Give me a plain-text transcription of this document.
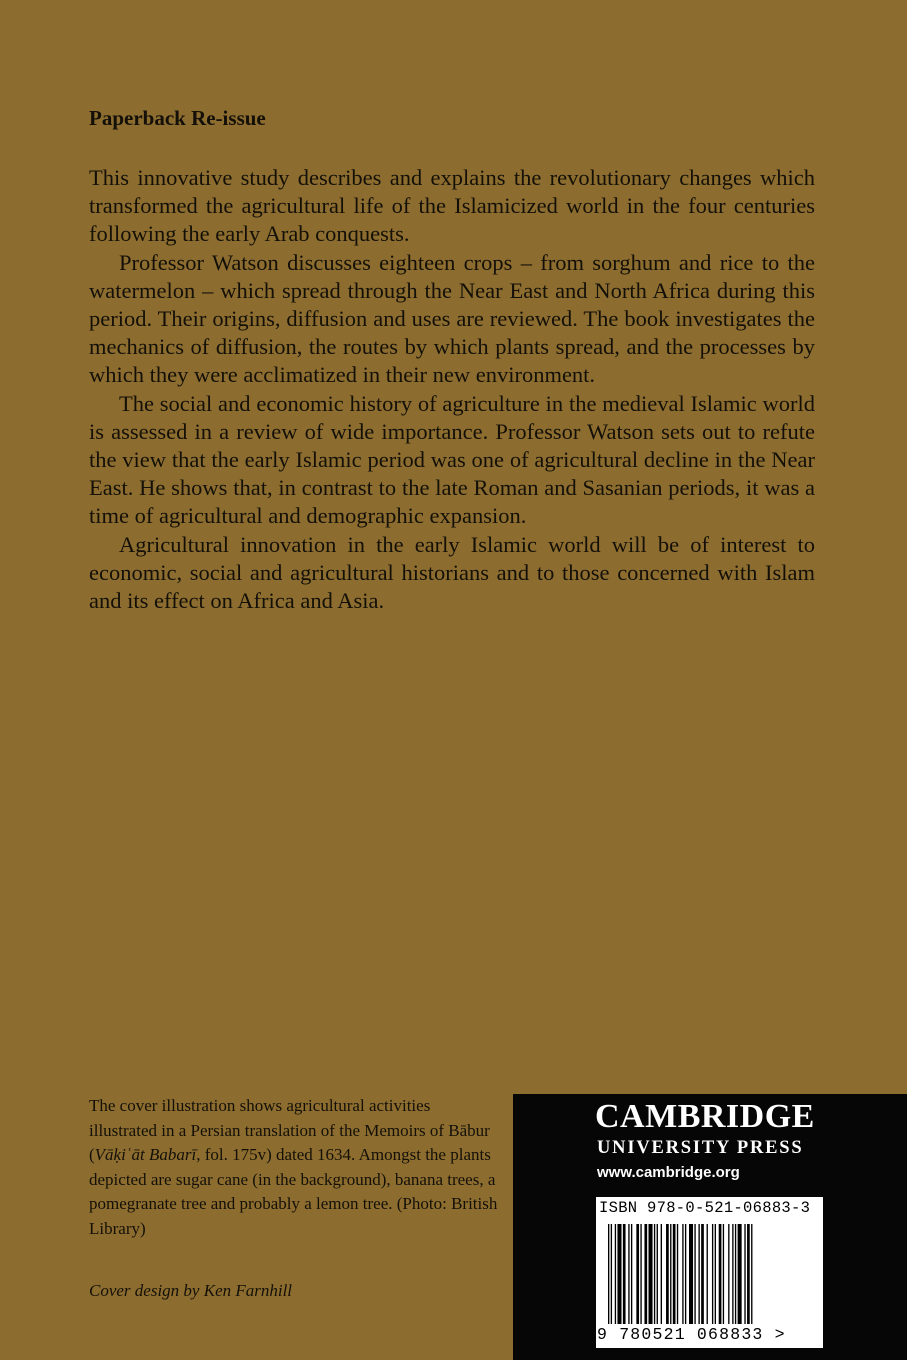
Paperback Re-issue

This innovative study describes and explains the revolutionary changes which transformed the agricultural life of the Islamicized world in the four centuries following the early Arab conquests.

Professor Watson discusses eighteen crops – from sorghum and rice to the watermelon – which spread through the Near East and North Africa during this period. Their origins, diffusion and uses are reviewed. The book investigates the mechanics of diffusion, the routes by which plants spread, and the processes by which they were acclimatized in their new environment.

The social and economic history of agriculture in the medieval Islamic world is assessed in a review of wide importance. Professor Watson sets out to refute the view that the early Islamic period was one of agricultural decline in the Near East. He shows that, in contrast to the late Roman and Sasanian periods, it was a time of agricultural and demographic expansion.

Agricultural innovation in the early Islamic world will be of interest to economic, social and agricultural historians and to those concerned with Islam and its effect on Africa and Asia.

The cover illustration shows agricultural activities illustrated in a Persian translation of the Memoirs of Bābur (Vāḳiʿāt Babarī, fol. 175v) dated 1634. Amongst the plants depicted are sugar cane (in the background), banana trees, a pomegranate tree and probably a lemon tree. (Photo: British Library)

Cover design by Ken Farnhill

CAMBRIDGE
UNIVERSITY PRESS
www.cambridge.org
ISBN 978-0-521-06883-3
9 780521 068833 >
